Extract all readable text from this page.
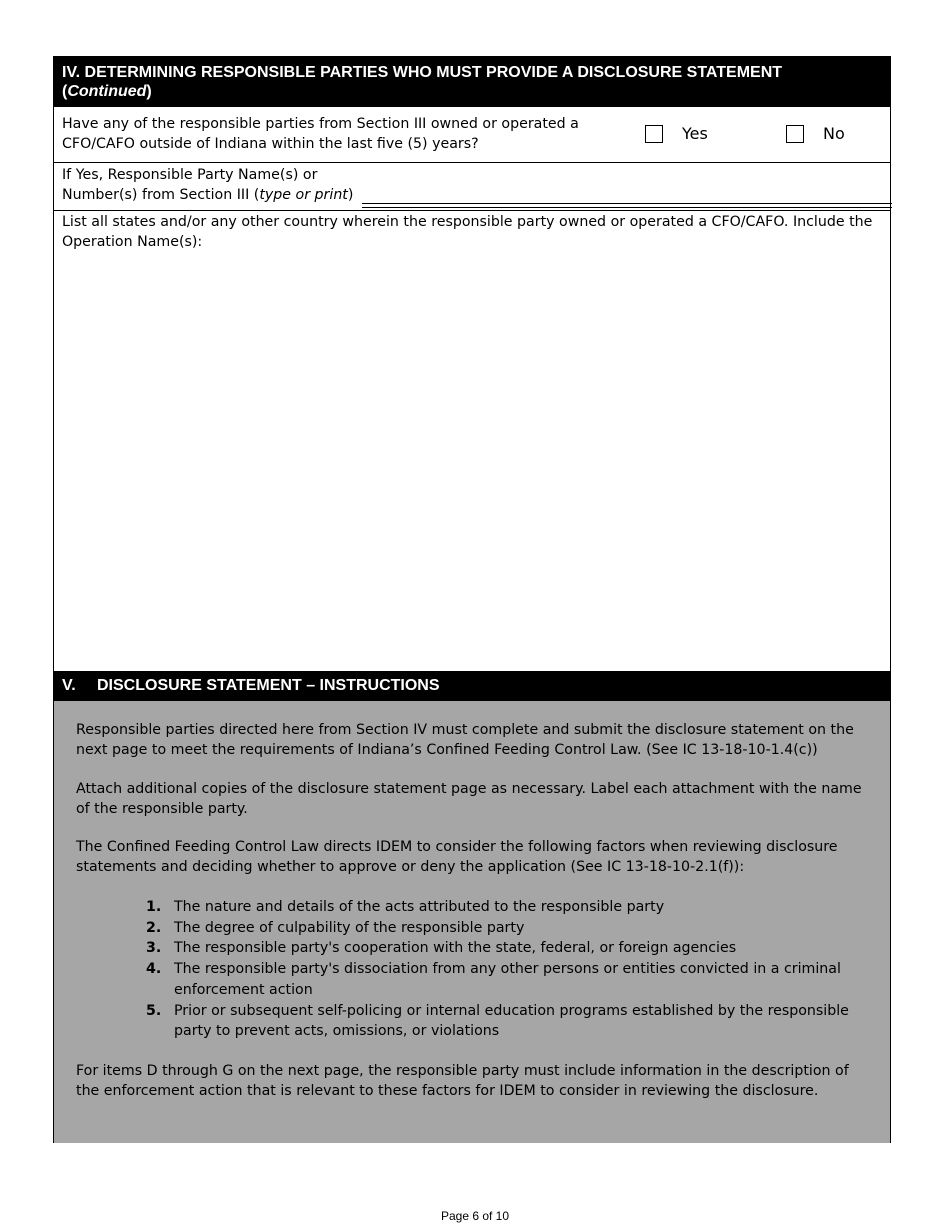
IV. DETERMINING RESPONSIBLE PARTIES WHO MUST PROVIDE A DISCLOSURE STATEMENT
(Continued)
Have any of the responsible parties from Section III owned or operated a CFO/CAFO outside of Indiana within the last five (5) years?
Yes	No
If Yes, Responsible Party Name(s) or
Number(s) from Section III (type or print)
List all states and/or any other country wherein the responsible party owned or operated a CFO/CAFO. Include the Operation Name(s):
V. DISCLOSURE STATEMENT – INSTRUCTIONS

Responsible parties directed here from Section IV must complete and submit the disclosure statement on the next page to meet the requirements of Indiana’s Confined Feeding Control Law. (See IC 13-18-10-1.4(c))

Attach additional copies of the disclosure statement page as necessary. Label each attachment with the name of the responsible party.

The Confined Feeding Control Law directs IDEM to consider the following factors when reviewing disclosure statements and deciding whether to approve or deny the application (See IC 13-18-10-2.1(f)):

1. The nature and details of the acts attributed to the responsible party
2. The degree of culpability of the responsible party
3. The responsible party's cooperation with the state, federal, or foreign agencies
4. The responsible party's dissociation from any other persons or entities convicted in a criminal enforcement action
5. Prior or subsequent self-policing or internal education programs established by the responsible party to prevent acts, omissions, or violations

For items D through G on the next page, the responsible party must include information in the description of the enforcement action that is relevant to these factors for IDEM to consider in reviewing the disclosure.

Page 6 of 10
